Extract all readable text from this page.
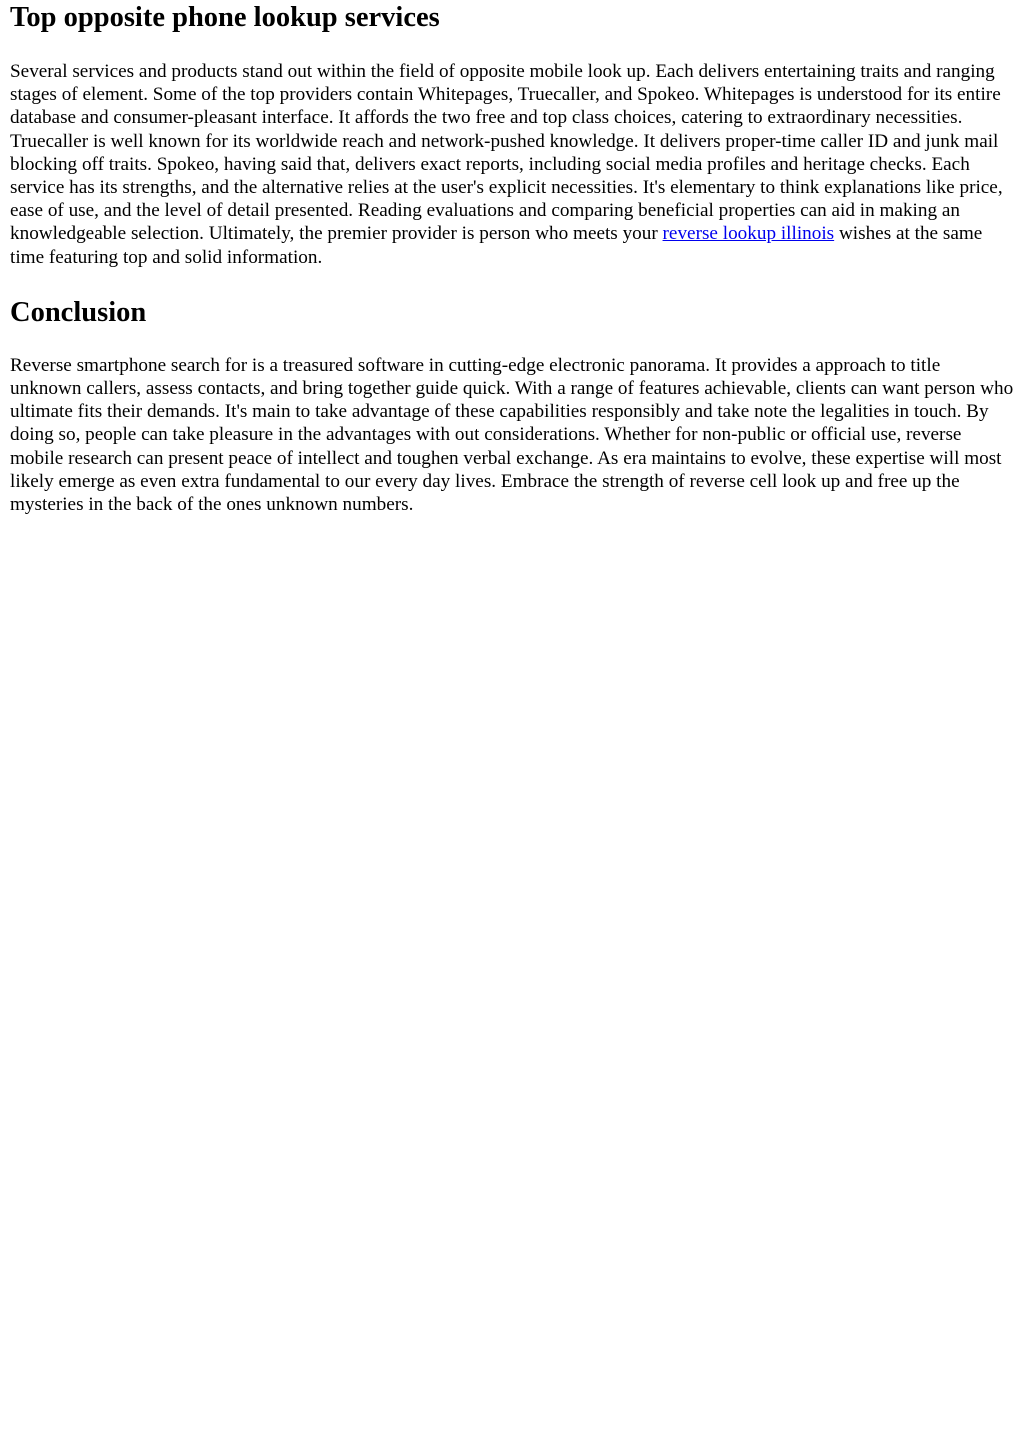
Top opposite phone lookup services

Several services and products stand out within the field of opposite mobile look up. Each delivers entertaining traits and ranging stages of element. Some of the top providers contain Whitepages, Truecaller, and Spokeo. Whitepages is understood for its entire database and consumer-pleasant interface. It affords the two free and top class choices, catering to extraordinary necessities. Truecaller is well known for its worldwide reach and network-pushed knowledge. It delivers proper-time caller ID and junk mail blocking off traits. Spokeo, having said that, delivers exact reports, including social media profiles and heritage checks. Each service has its strengths, and the alternative relies at the user's explicit necessities. It's elementary to think explanations like price, ease of use, and the level of detail presented. Reading evaluations and comparing beneficial properties can aid in making an knowledgeable selection. Ultimately, the premier provider is person who meets your reverse lookup illinois wishes at the same time featuring top and solid information.

Conclusion

Reverse smartphone search for is a treasured software in cutting-edge electronic panorama. It provides a approach to title unknown callers, assess contacts, and bring together guide quick. With a range of features achievable, clients can want person who ultimate fits their demands. It's main to take advantage of these capabilities responsibly and take note the legalities in touch. By doing so, people can take pleasure in the advantages with out considerations. Whether for non-public or official use, reverse mobile research can present peace of intellect and toughen verbal exchange. As era maintains to evolve, these expertise will most likely emerge as even extra fundamental to our every day lives. Embrace the strength of reverse cell look up and free up the mysteries in the back of the ones unknown numbers.
